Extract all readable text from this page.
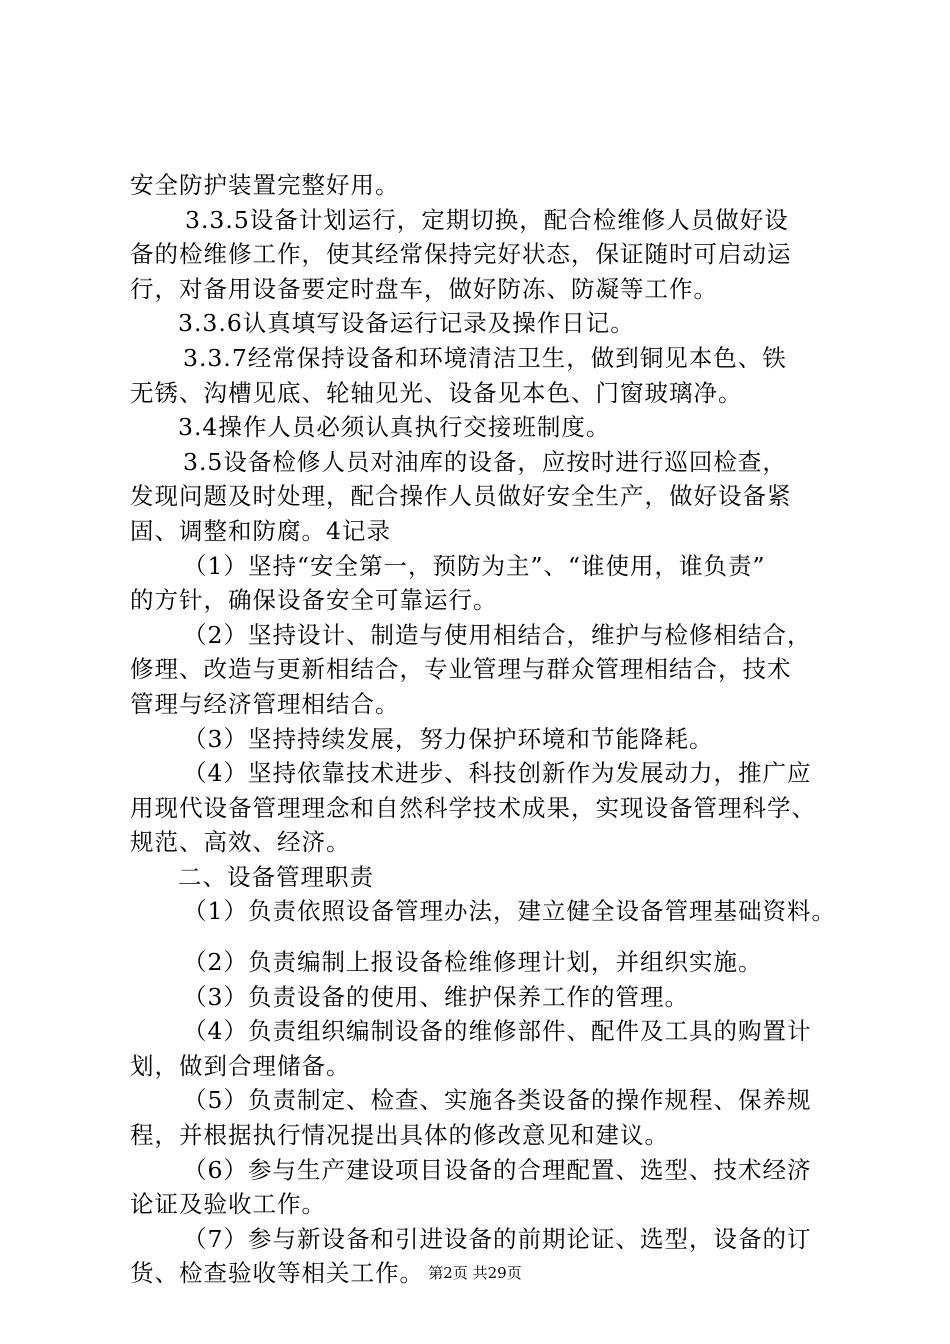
安全防护装置完整好用。
3.3.5设备计划运行，定期切换，配合检维修人员做好设
备的检维修工作，使其经常保持完好状态，保证随时可启动运
行，对备用设备要定时盘车，做好防冻、防凝等工作。
3.3.6认真填写设备运行记录及操作日记。
3.3.7经常保持设备和环境清洁卫生，做到铜见本色、铁
无锈、沟槽见底、轮轴见光、设备见本色、门窗玻璃净。
3.4操作人员必须认真执行交接班制度。
3.5设备检修人员对油库的设备，应按时进行巡回检查，
发现问题及时处理，配合操作人员做好安全生产，做好设备紧
固、调整和防腐。4记录
（1）坚持“安全第一，预防为主”、“谁使用，谁负责”
的方针，确保设备安全可靠运行。
（2）坚持设计、制造与使用相结合，维护与检修相结合，
修理、改造与更新相结合，专业管理与群众管理相结合，技术
管理与经济管理相结合。
（3）坚持持续发展，努力保护环境和节能降耗。
（4）坚持依靠技术进步、科技创新作为发展动力，推广应
用现代设备管理理念和自然科学技术成果，实现设备管理科学、
规范、高效、经济。
二、设备管理职责
（1）负责依照设备管理办法，建立健全设备管理基础资料。
（2）负责编制上报设备检维修理计划，并组织实施。
（3）负责设备的使用、维护保养工作的管理。
（4）负责组织编制设备的维修部件、配件及工具的购置计
划，做到合理储备。
（5）负责制定、检查、实施各类设备的操作规程、保养规
程，并根据执行情况提出具体的修改意见和建议。
（6）参与生产建设项目设备的合理配置、选型、技术经济
论证及验收工作。
（7）参与新设备和引进设备的前期论证、选型，设备的订
货、检查验收等相关工作。 第2页 共29页
